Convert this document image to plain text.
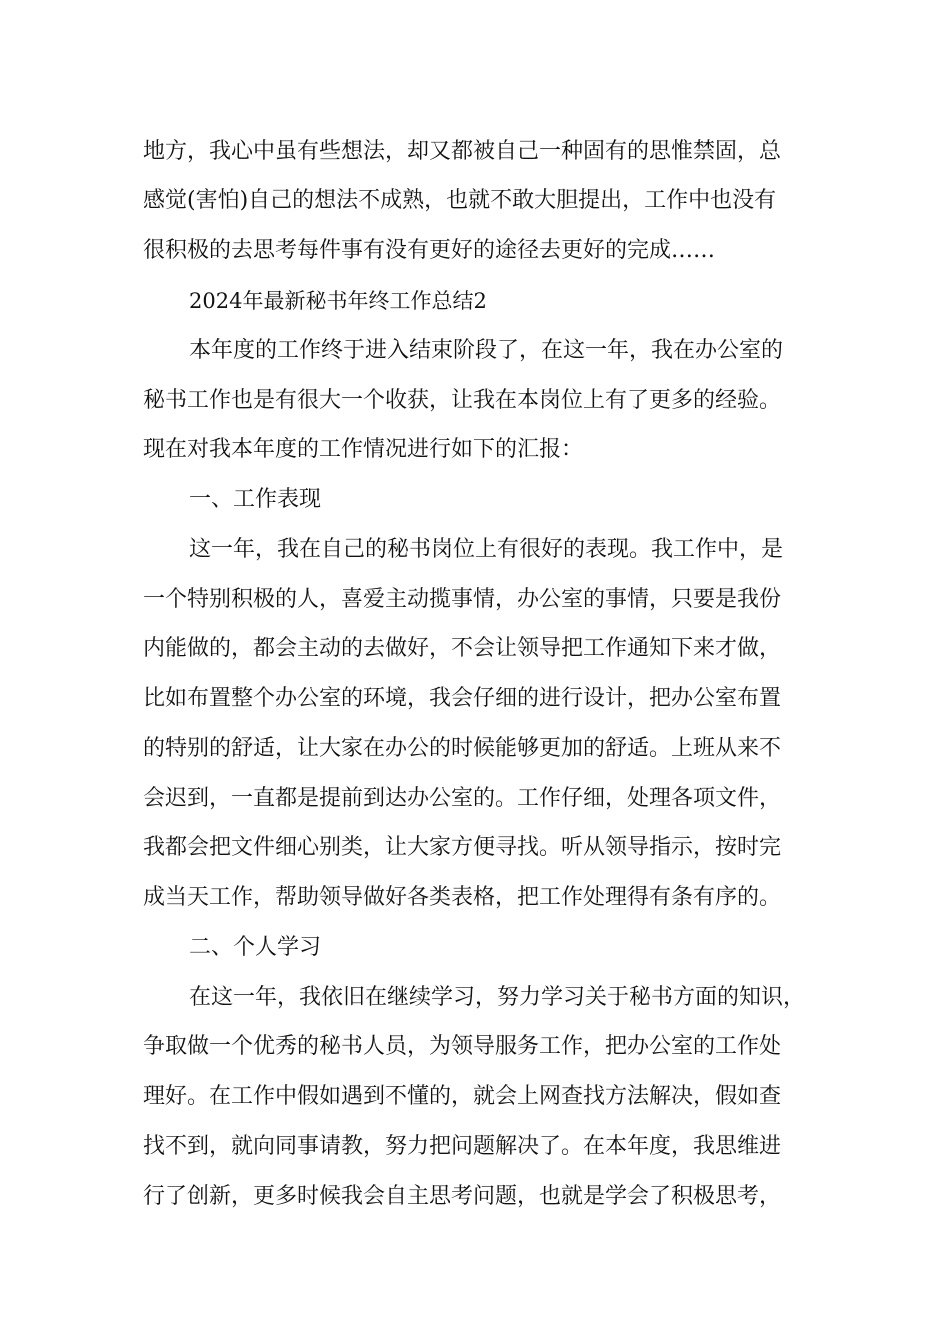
地方，我心中虽有些想法，却又都被自己一种固有的思惟禁固，总
感觉(害怕)自己的想法不成熟，也就不敢大胆提出，工作中也没有
很积极的去思考每件事有没有更好的途径去更好的完成……
2024年最新秘书年终工作总结2
本年度的工作终于进入结束阶段了，在这一年，我在办公室的
秘书工作也是有很大一个收获，让我在本岗位上有了更多的经验。
现在对我本年度的工作情况进行如下的汇报：
一、工作表现
这一年，我在自己的秘书岗位上有很好的表现。我工作中，是
一个特别积极的人，喜爱主动揽事情，办公室的事情，只要是我份
内能做的，都会主动的去做好，不会让领导把工作通知下来才做，
比如布置整个办公室的环境，我会仔细的进行设计，把办公室布置
的特别的舒适，让大家在办公的时候能够更加的舒适。上班从来不
会迟到，一直都是提前到达办公室的。工作仔细，处理各项文件，
我都会把文件细心别类，让大家方便寻找。听从领导指示，按时完
成当天工作，帮助领导做好各类表格，把工作处理得有条有序的。
二、个人学习
在这一年，我依旧在继续学习，努力学习关于秘书方面的知识，
争取做一个优秀的秘书人员，为领导服务工作，把办公室的工作处
理好。在工作中假如遇到不懂的，就会上网查找方法解决，假如查
找不到，就向同事请教，努力把问题解决了。在本年度，我思维进
行了创新，更多时候我会自主思考问题，也就是学会了积极思考，
